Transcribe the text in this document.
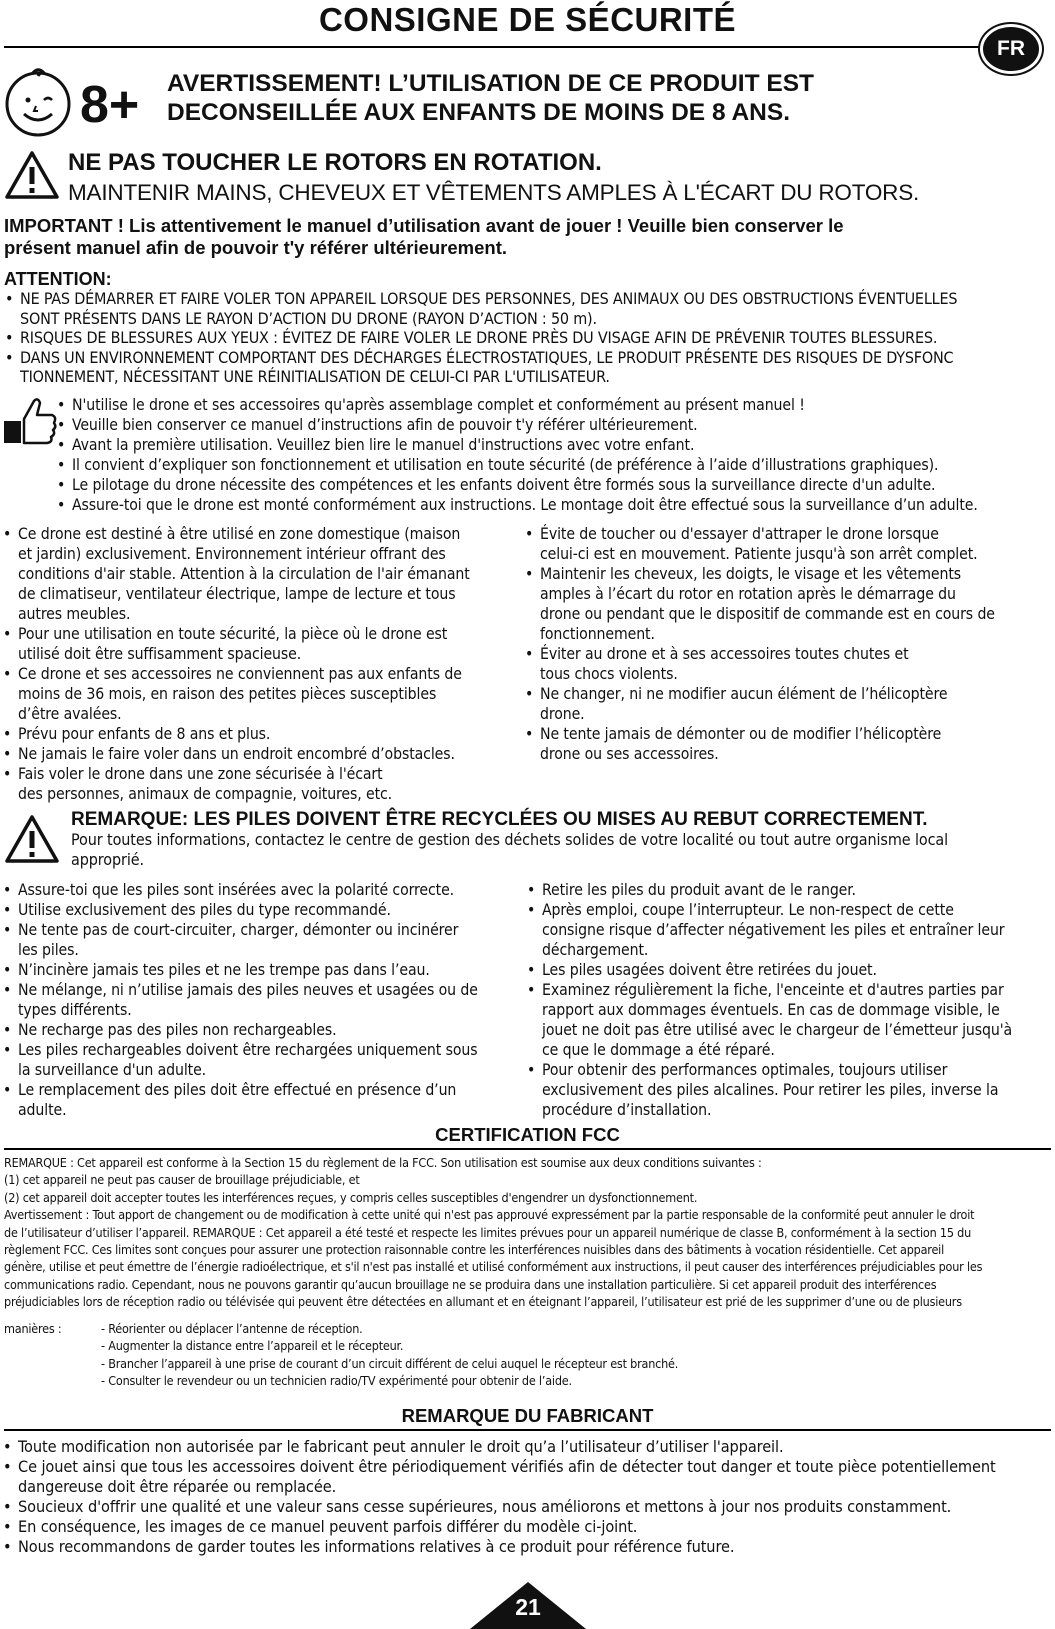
CONSIGNE DE SÉCURITÉ
FR
8+ AVERTISSEMENT! L’UTILISATION DE CE PRODUIT EST
DECONSEILLÉE AUX ENFANTS DE MOINS DE 8 ANS.
NE PAS TOUCHER LE ROTORS EN ROTATION.
MAINTENIR MAINS, CHEVEUX ET VÊTEMENTS AMPLES À L'ÉCART DU ROTORS.
IMPORTANT ! Lis attentivement le manuel d’utilisation avant de jouer ! Veuille bien conserver le
présent manuel afin de pouvoir t'y référer ultérieurement.
ATTENTION:
• NE PAS DÉMARRER ET FAIRE VOLER TON APPAREIL LORSQUE DES PERSONNES, DES ANIMAUX OU DES OBSTRUCTIONS ÉVENTUELLES
SONT PRÉSENTS DANS LE RAYON D’ACTION DU DRONE (RAYON D’ACTION : 50 m).
• RISQUES DE BLESSURES AUX YEUX : ÉVITEZ DE FAIRE VOLER LE DRONE PRÈS DU VISAGE AFIN DE PRÉVENIR TOUTES BLESSURES.
• DANS UN ENVIRONNEMENT COMPORTANT DES DÉCHARGES ÉLECTROSTATIQUES, LE PRODUIT PRÉSENTE DES RISQUES DE DYSFONC
TIONNEMENT, NÉCESSITANT UNE RÉINITIALISATION DE CELUI-CI PAR L'UTILISATEUR.
• N'utilise le drone et ses accessoires qu'après assemblage complet et conformément au présent manuel !
• Veuille bien conserver ce manuel d’instructions afin de pouvoir t'y référer ultérieurement.
• Avant la première utilisation. Veuillez bien lire le manuel d'instructions avec votre enfant.
• Il convient d’expliquer son fonctionnement et utilisation en toute sécurité (de préférence à l’aide d’illustrations graphiques).
• Le pilotage du drone nécessite des compétences et les enfants doivent être formés sous la surveillance directe d'un adulte.
• Assure-toi que le drone est monté conformément aux instructions. Le montage doit être effectué sous la surveillance d’un adulte.
• Ce drone est destiné à être utilisé en zone domestique (maison
et jardin) exclusivement. Environnement intérieur offrant des
conditions d'air stable. Attention à la circulation de l'air émanant
de climatiseur, ventilateur électrique, lampe de lecture et tous
autres meubles.
• Pour une utilisation en toute sécurité, la pièce où le drone est
utilisé doit être suffisamment spacieuse.
• Ce drone et ses accessoires ne conviennent pas aux enfants de
moins de 36 mois, en raison des petites pièces susceptibles
d’être avalées.
• Prévu pour enfants de 8 ans et plus.
• Ne jamais le faire voler dans un endroit encombré d’obstacles.
• Fais voler le drone dans une zone sécurisée à l'écart
des personnes, animaux de compagnie, voitures, etc.
• Évite de toucher ou d'essayer d'attraper le drone lorsque
celui-ci est en mouvement. Patiente jusqu'à son arrêt complet.
• Maintenir les cheveux, les doigts, le visage et les vêtements
amples à l’écart du rotor en rotation après le démarrage du
drone ou pendant que le dispositif de commande est en cours de
fonctionnement.
• Éviter au drone et à ses accessoires toutes chutes et
tous chocs violents.
• Ne changer, ni ne modifier aucun élément de l’hélicoptère
drone.
• Ne tente jamais de démonter ou de modifier l’hélicoptère
drone ou ses accessoires.
REMARQUE: LES PILES DOIVENT ÊTRE RECYCLÉES OU MISES AU REBUT CORRECTEMENT.
Pour toutes informations, contactez le centre de gestion des déchets solides de votre localité ou tout autre organisme local
approprié.
• Assure-toi que les piles sont insérées avec la polarité correcte.
• Utilise exclusivement des piles du type recommandé.
• Ne tente pas de court-circuiter, charger, démonter ou incinérer
les piles.
• N’incinère jamais tes piles et ne les trempe pas dans l’eau.
• Ne mélange, ni n’utilise jamais des piles neuves et usagées ou de
types différents.
• Ne recharge pas des piles non rechargeables.
• Les piles rechargeables doivent être rechargées uniquement sous
la surveillance d'un adulte.
• Le remplacement des piles doit être effectué en présence d’un
adulte.
• Retire les piles du produit avant de le ranger.
• Après emploi, coupe l’interrupteur. Le non-respect de cette
consigne risque d’affecter négativement les piles et entraîner leur
déchargement.
• Les piles usagées doivent être retirées du jouet.
• Examinez régulièrement la fiche, l'enceinte et d'autres parties par
rapport aux dommages éventuels. En cas de dommage visible, le
jouet ne doit pas être utilisé avec le chargeur de l’émetteur jusqu'à
ce que le dommage a été réparé.
• Pour obtenir des performances optimales, toujours utiliser
exclusivement des piles alcalines. Pour retirer les piles, inverse la
procédure d’installation.
CERTIFICATION FCC
REMARQUE : Cet appareil est conforme à la Section 15 du règlement de la FCC. Son utilisation est soumise aux deux conditions suivantes :
(1) cet appareil ne peut pas causer de brouillage préjudiciable, et
(2) cet appareil doit accepter toutes les interférences reçues, y compris celles susceptibles d'engendrer un dysfonctionnement.
Avertissement : Tout apport de changement ou de modification à cette unité qui n'est pas approuvé expressément par la partie responsable de la conformité peut annuler le droit
de l’utilisateur d’utiliser l’appareil. REMARQUE : Cet appareil a été testé et respecte les limites prévues pour un appareil numérique de classe B, conformément à la section 15 du
règlement FCC. Ces limites sont conçues pour assurer une protection raisonnable contre les interférences nuisibles dans des bâtiments à vocation résidentielle. Cet appareil
génère, utilise et peut émettre de l’énergie radioélectrique, et s'il n'est pas installé et utilisé conformément aux instructions, il peut causer des interférences préjudiciables pour les
communications radio. Cependant, nous ne pouvons garantir qu’aucun brouillage ne se produira dans une installation particulière. Si cet appareil produit des interférences
préjudiciables lors de réception radio ou télévisée qui peuvent être détectées en allumant et en éteignant l’appareil, l’utilisateur est prié de les supprimer d’une ou de plusieurs
manières :	- Réorienter ou déplacer l’antenne de réception.
- Augmenter la distance entre l’appareil et le récepteur.
- Brancher l’appareil à une prise de courant d’un circuit différent de celui auquel le récepteur est branché.
- Consulter le revendeur ou un technicien radio/TV expérimenté pour obtenir de l’aide.
REMARQUE DU FABRICANT
• Toute modification non autorisée par le fabricant peut annuler le droit qu’a l’utilisateur d’utiliser l'appareil.
• Ce jouet ainsi que tous les accessoires doivent être périodiquement vérifiés afin de détecter tout danger et toute pièce potentiellement
dangereuse doit être réparée ou remplacée.
• Soucieux d'offrir une qualité et une valeur sans cesse supérieures, nous améliorons et mettons à jour nos produits constamment.
• En conséquence, les images de ce manuel peuvent parfois différer du modèle ci-joint.
• Nous recommandons de garder toutes les informations relatives à ce produit pour référence future.
21
